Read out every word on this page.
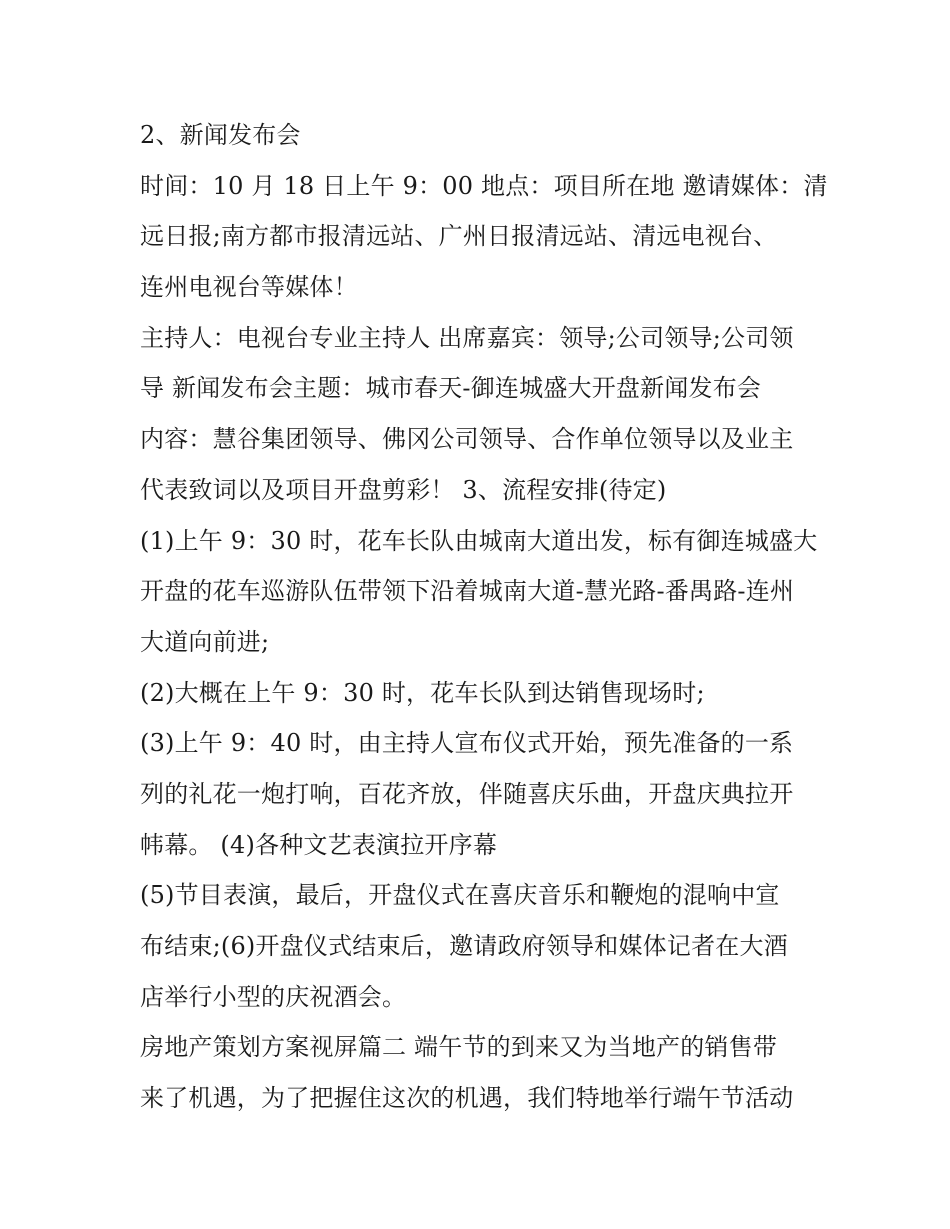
2、新闻发布会
时间：10 月 18 日上午 9：00 地点：项目所在地 邀请媒体：清
远日报;南方都市报清远站、广州日报清远站、清远电视台、
连州电视台等媒体！
主持人：电视台专业主持人 出席嘉宾：领导;公司领导;公司领
导 新闻发布会主题：城市春天-御连城盛大开盘新闻发布会
内容：慧谷集团领导、佛冈公司领导、合作单位领导以及业主
代表致词以及项目开盘剪彩！ 3、流程安排(待定)
(1)上午 9：30 时，花车长队由城南大道出发，标有御连城盛大
开盘的花车巡游队伍带领下沿着城南大道-慧光路-番禺路-连州
大道向前进;
(2)大概在上午 9：30 时，花车长队到达销售现场时;
(3)上午 9：40 时，由主持人宣布仪式开始，预先准备的一系
列的礼花一炮打响，百花齐放，伴随喜庆乐曲，开盘庆典拉开
帏幕。 (4)各种文艺表演拉开序幕
(5)节目表演，最后，开盘仪式在喜庆音乐和鞭炮的混响中宣
布结束;(6)开盘仪式结束后，邀请政府领导和媒体记者在大酒
店举行小型的庆祝酒会。
房地产策划方案视屏篇二 端午节的到来又为当地产的销售带
来了机遇，为了把握住这次的机遇，我们特地举行端午节活动
